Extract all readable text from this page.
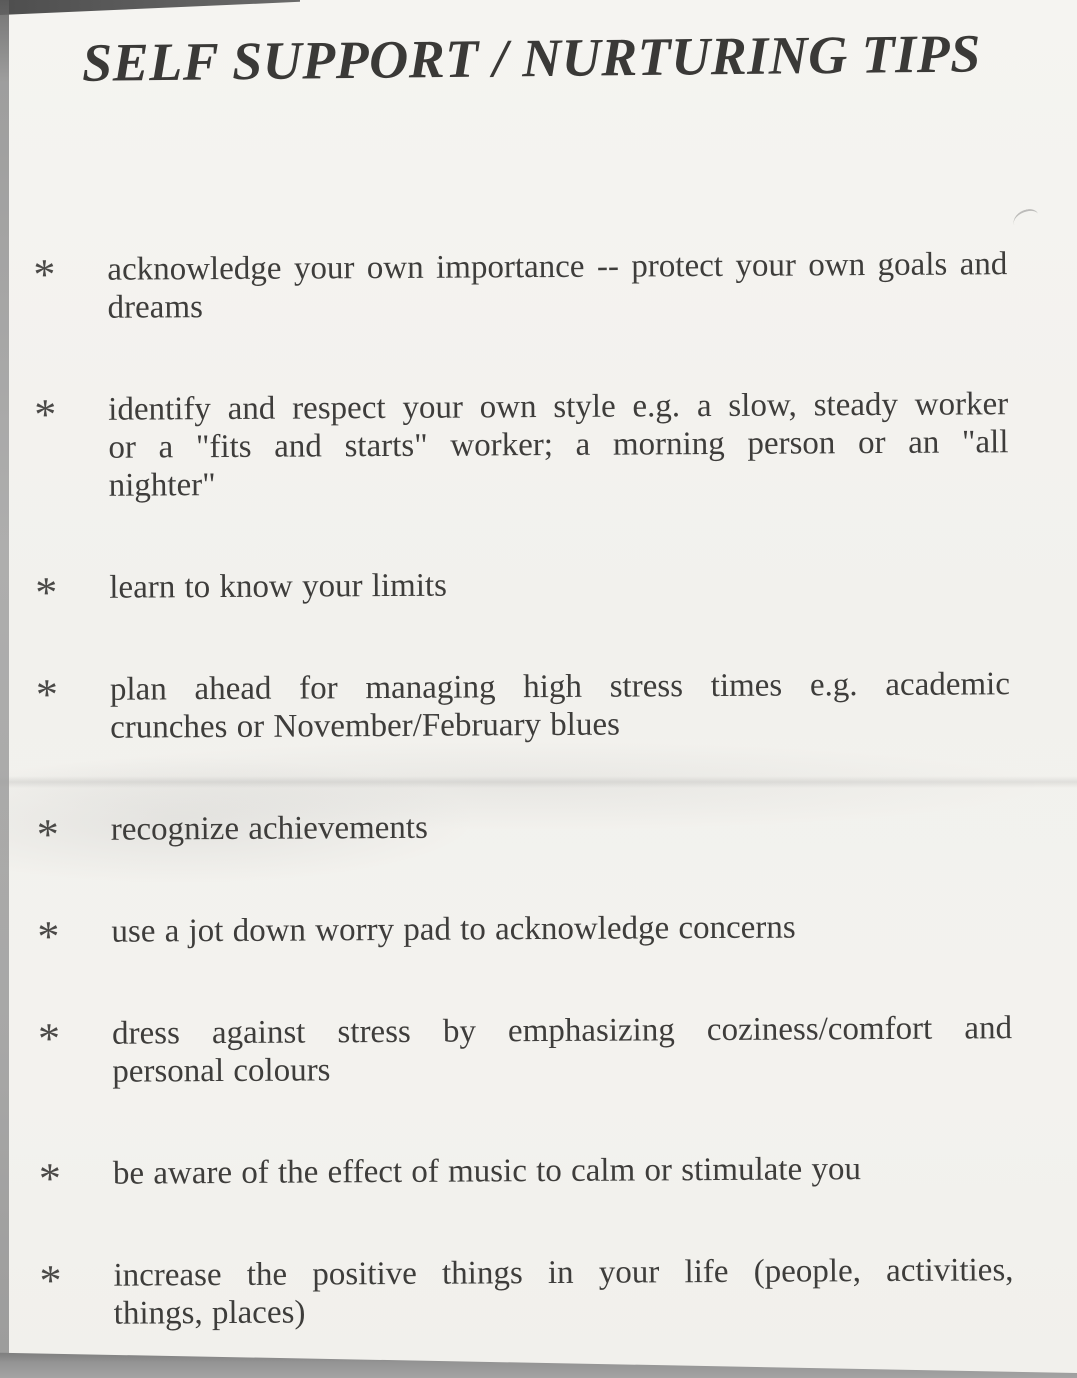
SELF SUPPORT / NURTURING TIPS
*	acknowledge your own importance -- protect your own goals and
dreams
*	identify and respect your own style e.g. a slow, steady worker
or a "fits and starts" worker; a morning person or an "all
nighter"
*	learn to know your limits
*	plan ahead for managing high stress times e.g. academic
crunches or November/February blues
*	recognize achievements
*	use a jot down worry pad to acknowledge concerns
*	dress against stress by emphasizing coziness/comfort and
personal colours
*	be aware of the effect of music to calm or stimulate you
*	increase the positive things in your life (people, activities,
things, places)
